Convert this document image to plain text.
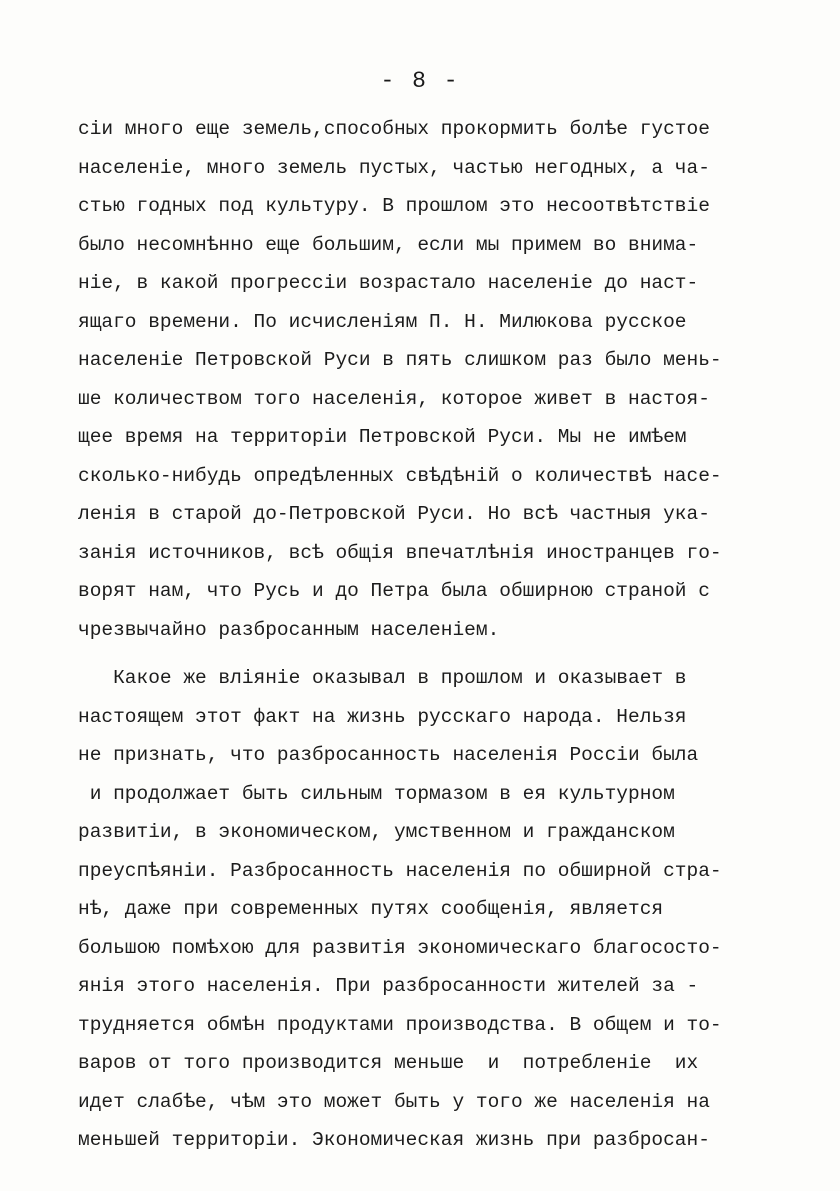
- 8 -
сіи много еще земель,способных прокормить болѣе густое
населеніе, много земель пустых, частью негодных, а ча-
стью годных под культуру. В прошлом это несоотвѣтствіе
было несомнѣнно еще большим, если мы примем во внима-
ніе, в какой прогрессіи возрастало населеніе до наст-
ящаго времени. По исчисленіям П. Н. Милюкова русское
населеніе Петровской Руси в пять слишком раз было мень-
ше количеством того населенія, которое живет в настоя-
щее время на территоріи Петровской Руси. Мы не имѣем
сколько-нибудь опредѣленных свѣдѣній о количествѣ насе-
ленія в старой до-Петровской Руси. Но всѣ частныя ука-
занія источников, всѣ общія впечатлѣнія иностранцев го-
ворят нам, что Русь и до Петра была обширною страной с
чрезвычайно разбросанным населеніем.
Какое же вліяніе оказывал в прошлом и оказывает в
настоящем этот факт на жизнь русскаго народа. Нельзя
не признать, что разбросанность населенія Россіи была
и продолжает быть сильным тормазом в ея культурном
развитіи, в экономическом, умственном и гражданском
преуспѣяніи. Разбросанность населенія по обширной стра-
нѣ, даже при современных путях сообщенія, является
большою помѣхою для развитія экономическаго благососто-
янія этого населенія. При разбросанности жителей за -
трудняется обмѣн продуктами производства. В общем и то-
варов от того производится меньше  и  потребленіе  их
идет слабѣе, чѣм это может быть у того же населенія на
меньшей территоріи. Экономическая жизнь при разбросан-
